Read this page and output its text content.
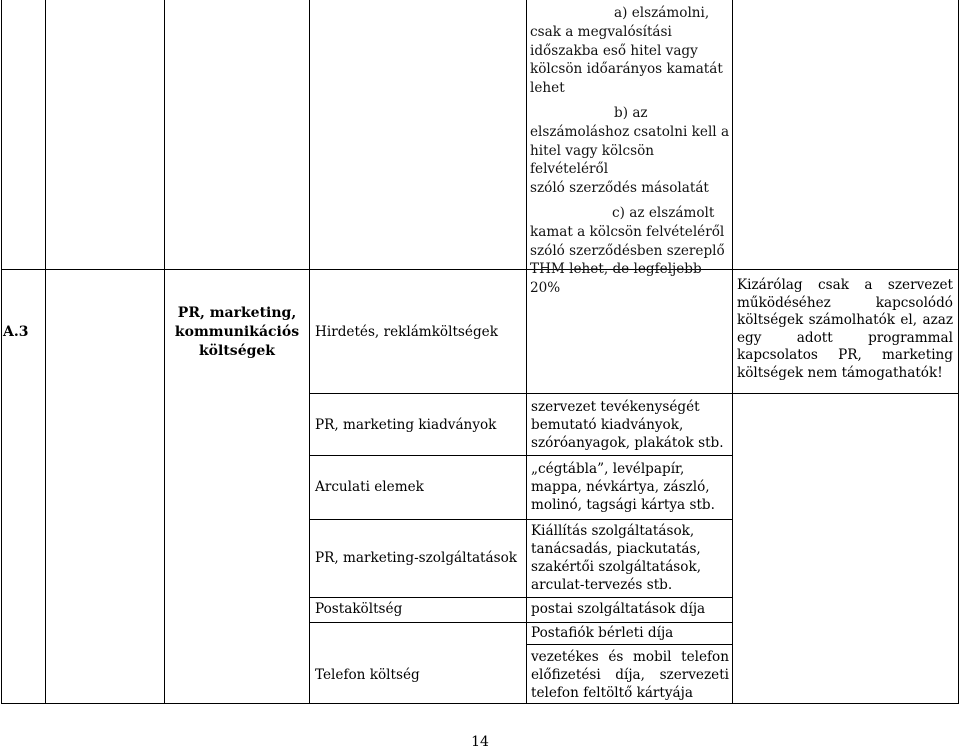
a) elszámolni,
csak a megvalósítási
időszakba eső hitel vagy
kölcsön időarányos kamatát
lehet

b) az
elszámoláshoz csatolni kell a
hitel vagy kölcsön felvételéről
szóló szerződés másolatát

c) az elszámolt
kamat a kölcsön felvételéről
szóló szerződésben szereplő
THM lehet, de legfeljebb 20%

A.3
PR, marketing, kommunikációs költségek
Kizárólag csak a szervezet működéséhez kapcsolódó költségek számolhatók el, azaz egy adott programmal kapcsolatos PR, marketing költségek nem támogathatók!
Hirdetés, reklámköltségek
PR, marketing kiadványok
szervezet tevékenységét bemutató kiadványok, szóróanyagok, plakátok stb.
Arculati elemek
„cégtábla”, levélpapír, mappa, névkártya, zászló, molinó, tagsági kártya stb.
PR, marketing-szolgáltatások
Kiállítás szolgáltatások, tanácsadás, piackutatás, szakértői szolgáltatások, arculat-tervezés stb.
Postaköltség	postai szolgáltatások díja
Postafiók bérleti díja
Telefon költség
vezetékes és mobil telefon előfizetési díja, szervezeti telefon feltöltő kártyája
14
